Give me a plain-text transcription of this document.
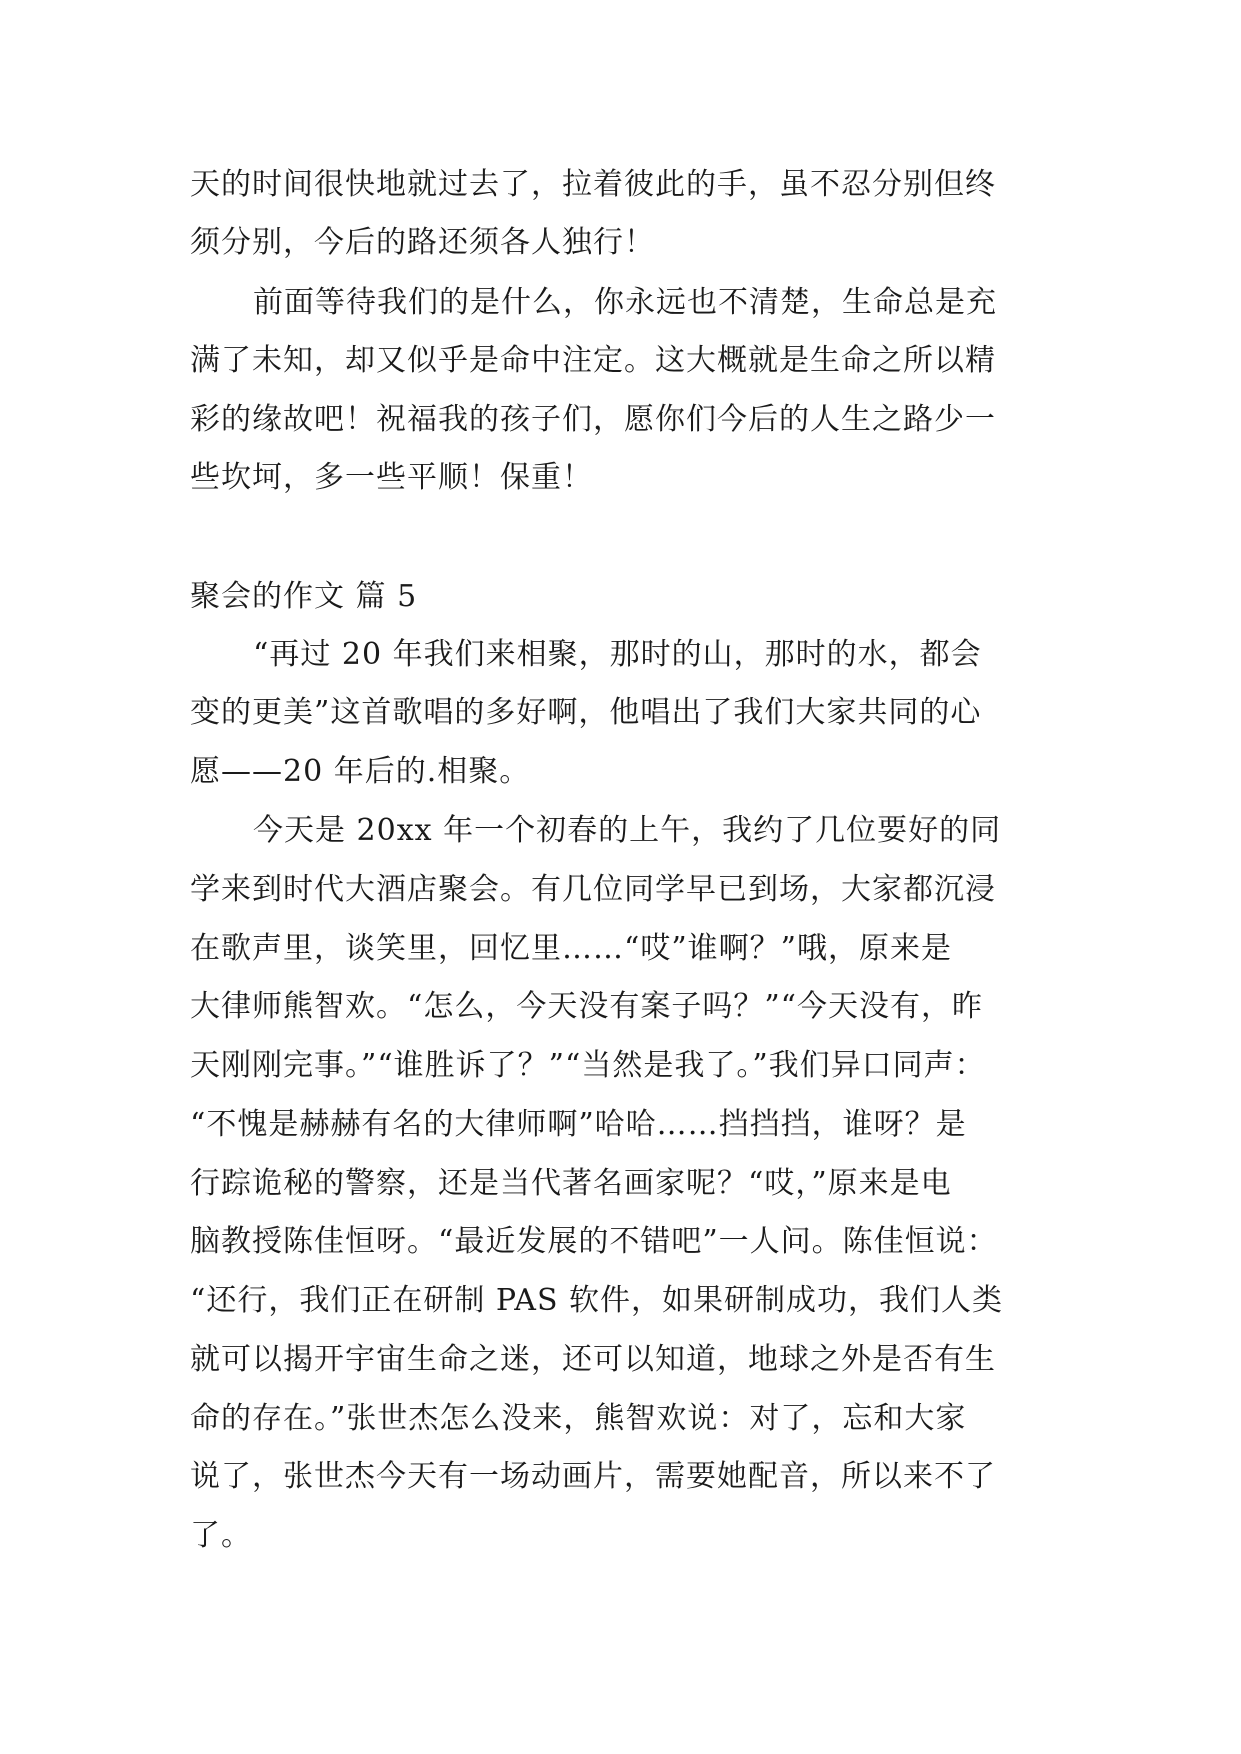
天的时间很快地就过去了，拉着彼此的手，虽不忍分别但终
须分别，今后的路还须各人独行！
前面等待我们的是什么，你永远也不清楚，生命总是充
满了未知，却又似乎是命中注定。这大概就是生命之所以精
彩的缘故吧！祝福我的孩子们，愿你们今后的人生之路少一
些坎坷，多一些平顺！保重！
聚会的作文 篇 5
“再过 20 年我们来相聚，那时的山，那时的水，都会
变的更美”这首歌唱的多好啊，他唱出了我们大家共同的心
愿——20 年后的.相聚。
今天是 20xx 年一个初春的上午，我约了几位要好的同
学来到时代大酒店聚会。有几位同学早已到场，大家都沉浸
在歌声里，谈笑里，回忆里……“哎”谁啊？”哦，原来是
大律师熊智欢。“怎么，今天没有案子吗？”“今天没有，昨
天刚刚完事。”“谁胜诉了？”“当然是我了。”我们异口同声：
“不愧是赫赫有名的大律师啊”哈哈……挡挡挡，谁呀？是
行踪诡秘的警察，还是当代著名画家呢？“哎，”原来是电
脑教授陈佳恒呀。“最近发展的不错吧”一人问。陈佳恒说：
“还行，我们正在研制 PAS 软件，如果研制成功，我们人类
就可以揭开宇宙生命之迷，还可以知道，地球之外是否有生
命的存在。”张世杰怎么没来，熊智欢说：对了，忘和大家
说了，张世杰今天有一场动画片，需要她配音，所以来不了
了。
